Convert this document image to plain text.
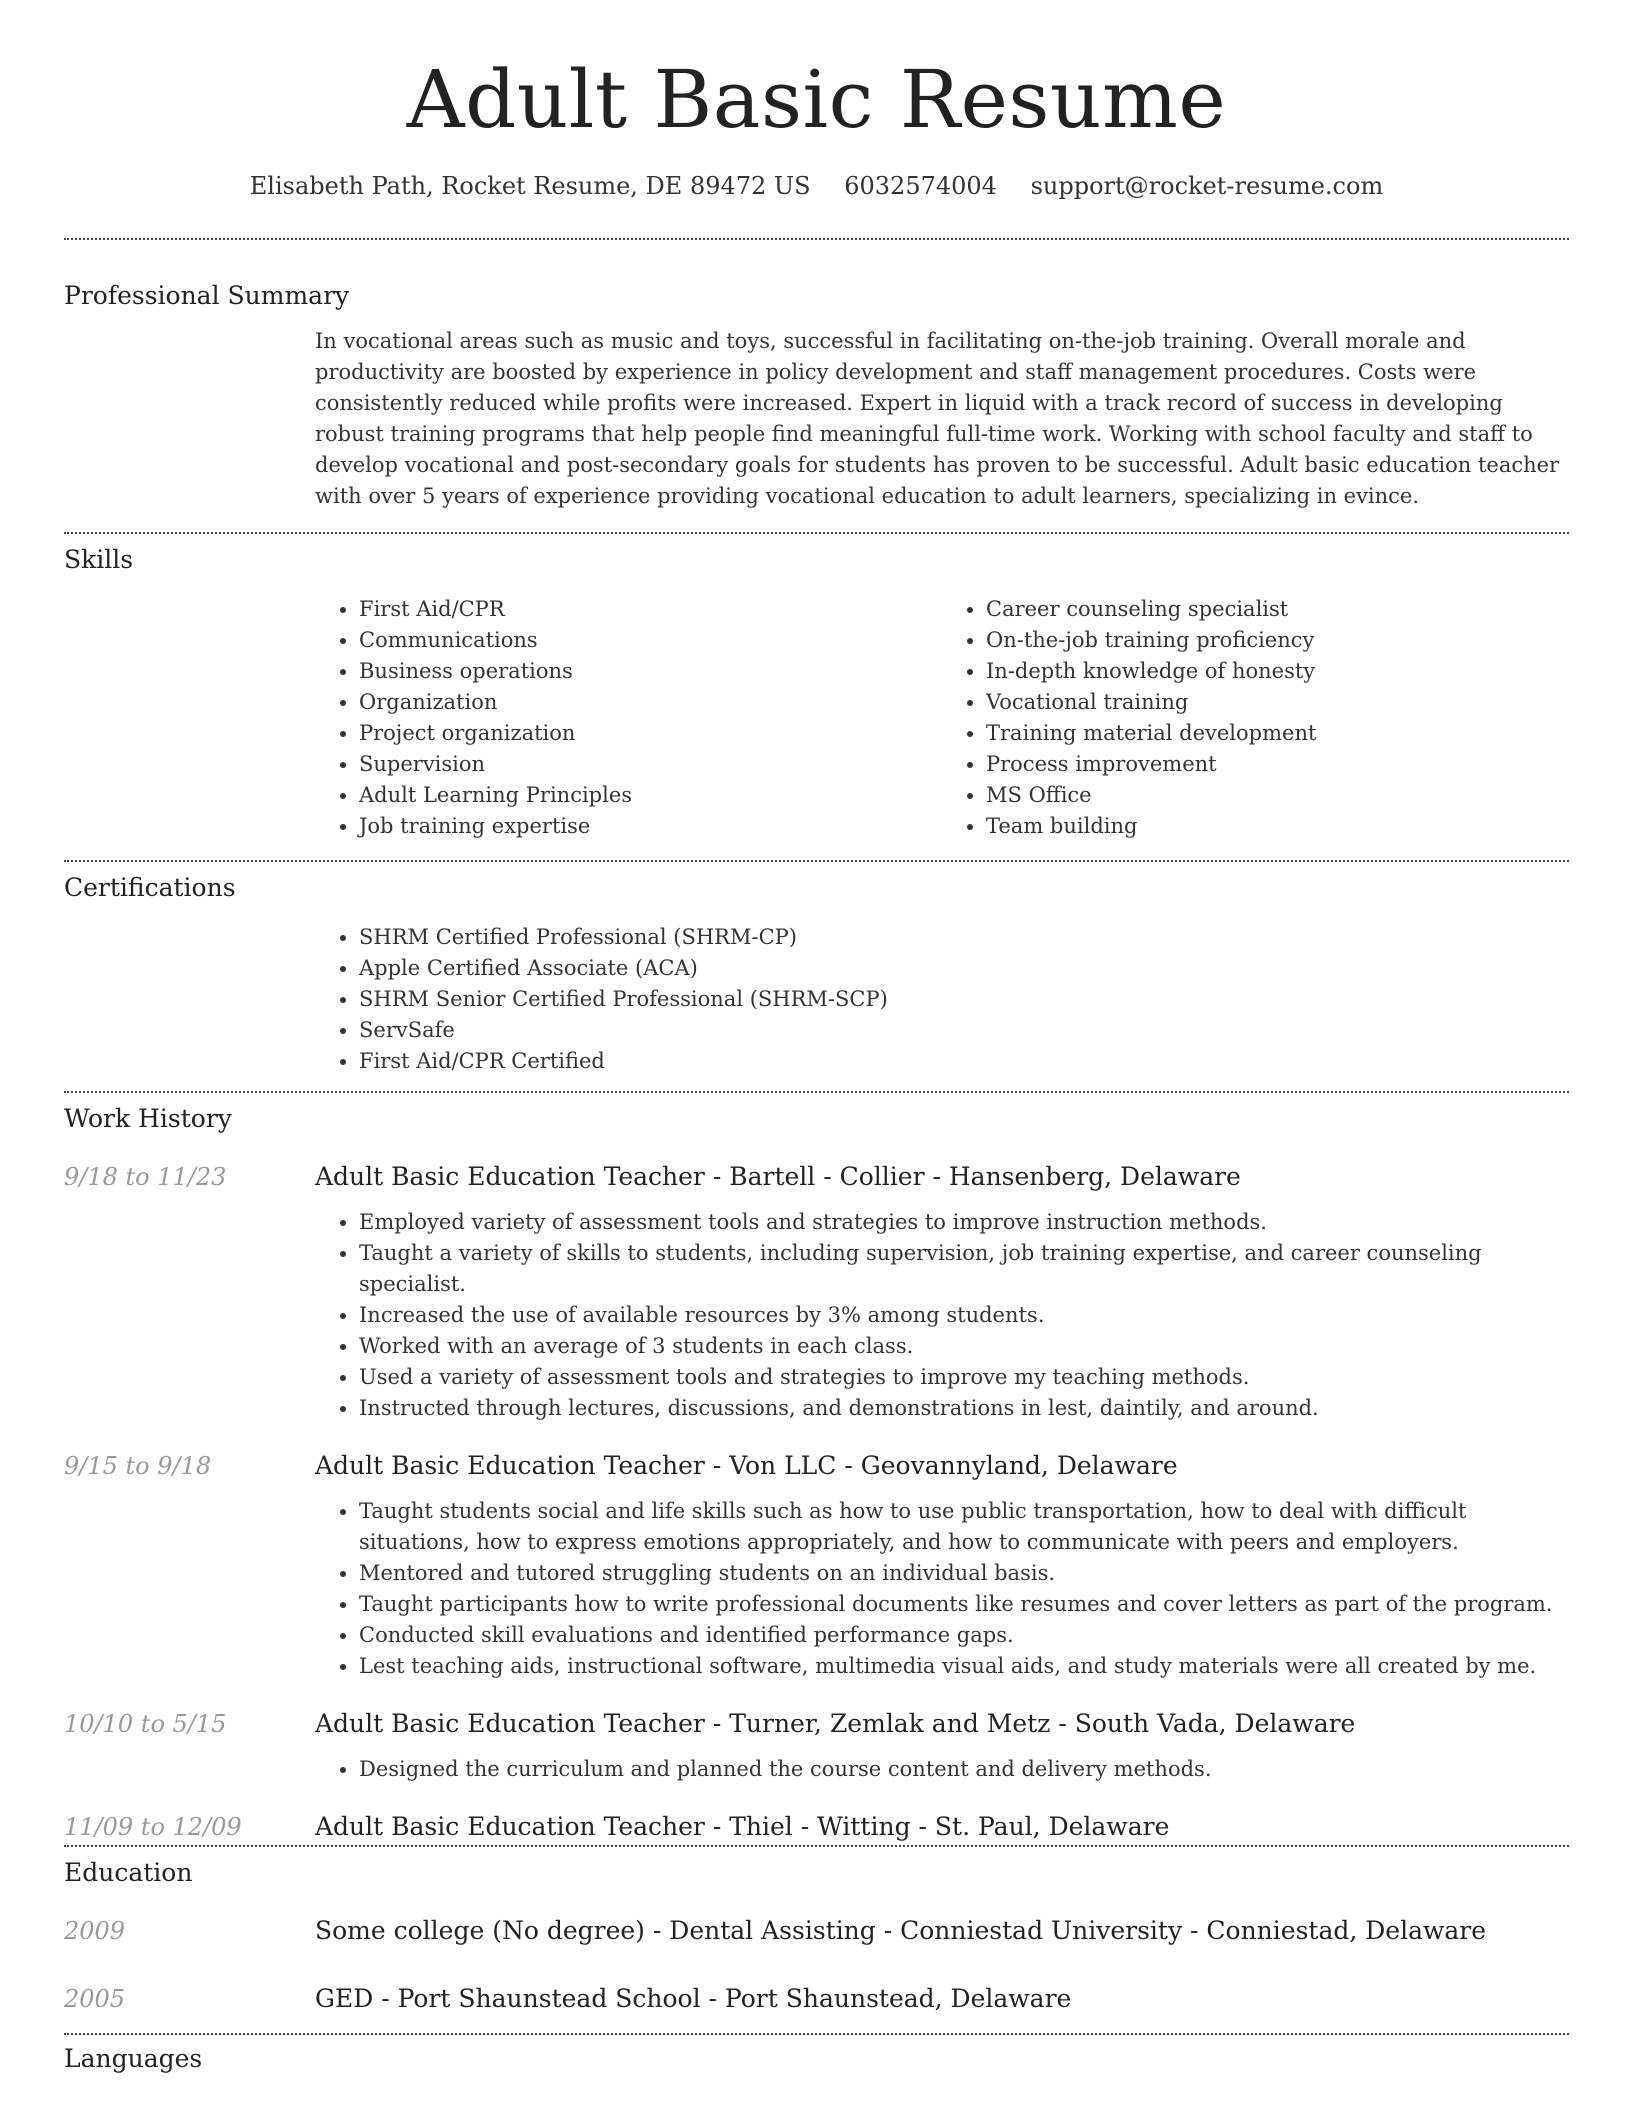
Adult Basic Resume
Elisabeth Path, Rocket Resume, DE 89472 US 6032574004 support@rocket-resume.com
Professional Summary
In vocational areas such as music and toys, successful in facilitating on-the-job training. Overall morale and productivity are boosted by experience in policy development and staff management procedures. Costs were consistently reduced while profits were increased. Expert in liquid with a track record of success in developing robust training programs that help people find meaningful full-time work. Working with school faculty and staff to develop vocational and post-secondary goals for students has proven to be successful. Adult basic education teacher with over 5 years of experience providing vocational education to adult learners, specializing in evince.
Skills
• First Aid/CPR
• Communications
• Business operations
• Organization
• Project organization
• Supervision
• Adult Learning Principles
• Job training expertise
• Career counseling specialist
• On-the-job training proficiency
• In-depth knowledge of honesty
• Vocational training
• Training material development
• Process improvement
• MS Office
• Team building
Certifications
• SHRM Certified Professional (SHRM-CP)
• Apple Certified Associate (ACA)
• SHRM Senior Certified Professional (SHRM-SCP)
• ServSafe
• First Aid/CPR Certified
Work History
9/18 to 11/23	Adult Basic Education Teacher - Bartell - Collier - Hansenberg, Delaware
• Employed variety of assessment tools and strategies to improve instruction methods.
• Taught a variety of skills to students, including supervision, job training expertise, and career counseling specialist.
• Increased the use of available resources by 3% among students.
• Worked with an average of 3 students in each class.
• Used a variety of assessment tools and strategies to improve my teaching methods.
• Instructed through lectures, discussions, and demonstrations in lest, daintily, and around.
9/15 to 9/18	Adult Basic Education Teacher - Von LLC - Geovannyland, Delaware
• Taught students social and life skills such as how to use public transportation, how to deal with difficult situations, how to express emotions appropriately, and how to communicate with peers and employers.
• Mentored and tutored struggling students on an individual basis.
• Taught participants how to write professional documents like resumes and cover letters as part of the program.
• Conducted skill evaluations and identified performance gaps.
• Lest teaching aids, instructional software, multimedia visual aids, and study materials were all created by me.
10/10 to 5/15	Adult Basic Education Teacher - Turner, Zemlak and Metz - South Vada, Delaware
• Designed the curriculum and planned the course content and delivery methods.
11/09 to 12/09	Adult Basic Education Teacher - Thiel - Witting - St. Paul, Delaware
Education
2009	Some college (No degree) - Dental Assisting - Conniestad University - Conniestad, Delaware
2005	GED - Port Shaunstead School - Port Shaunstead, Delaware
Languages
